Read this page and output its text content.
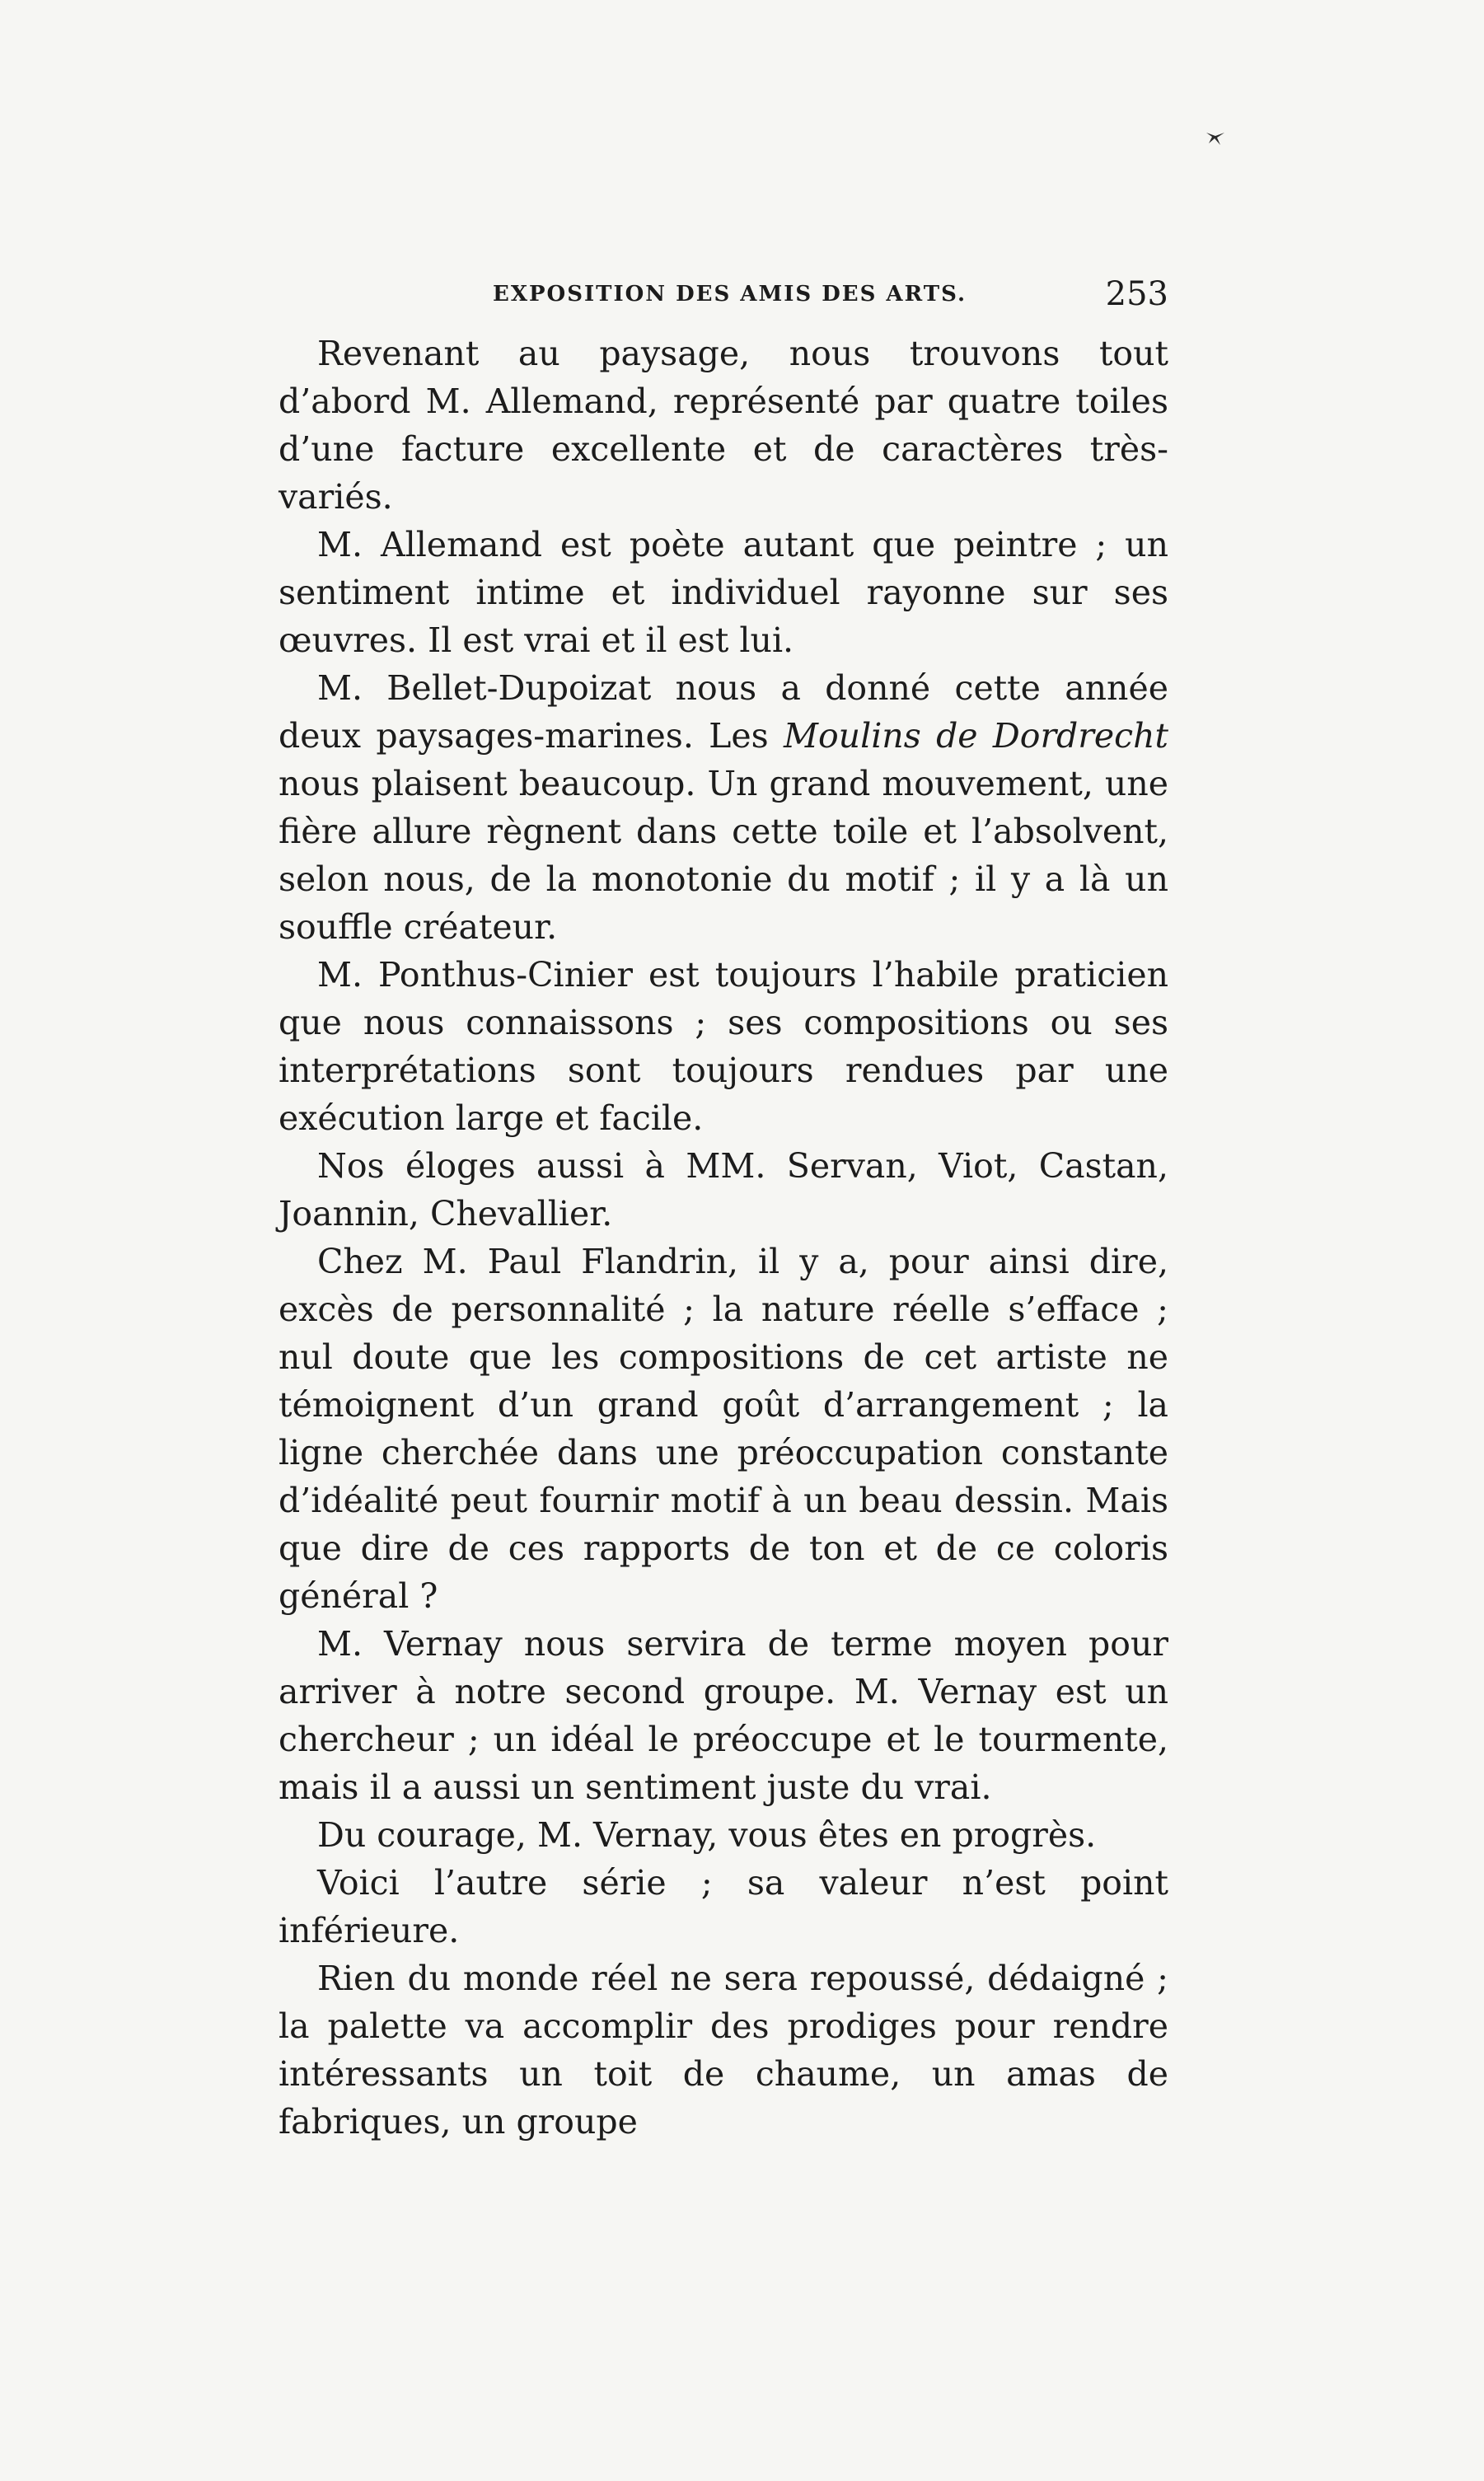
EXPOSITION DES AMIS DES ARTS.	253

Revenant au paysage, nous trouvons tout d’abord M. Allemand, représenté par quatre toiles d’une facture excellente et de caractères très-variés.

M. Allemand est poète autant que peintre ; un sentiment intime et individuel rayonne sur ses œuvres. Il est vrai et il est lui.

M. Bellet-Dupoizat nous a donné cette année deux paysages-marines. Les Moulins de Dordrecht nous plaisent beaucoup. Un grand mouvement, une fière allure règnent dans cette toile et l’absolvent, selon nous, de la monotonie du motif ; il y a là un souffle créateur.

M. Ponthus-Cinier est toujours l’habile praticien que nous connaissons ; ses compositions ou ses interprétations sont toujours rendues par une exécution large et facile.

Nos éloges aussi à MM. Servan, Viot, Castan, Joannin, Chevallier.

Chez M. Paul Flandrin, il y a, pour ainsi dire, excès de personnalité ; la nature réelle s’efface ; nul doute que les compositions de cet artiste ne témoignent d’un grand goût d’arrangement ; la ligne cherchée dans une préoccupation constante d’idéalité peut fournir motif à un beau dessin. Mais que dire de ces rapports de ton et de ce coloris général ?

M. Vernay nous servira de terme moyen pour arriver à notre second groupe. M. Vernay est un chercheur ; un idéal le préoccupe et le tourmente, mais il a aussi un sentiment juste du vrai.

Du courage, M. Vernay, vous êtes en progrès.

Voici l’autre série ; sa valeur n’est point inférieure.

Rien du monde réel ne sera repoussé, dédaigné ; la palette va accomplir des prodiges pour rendre intéressants un toit de chaume, un amas de fabriques, un groupe
